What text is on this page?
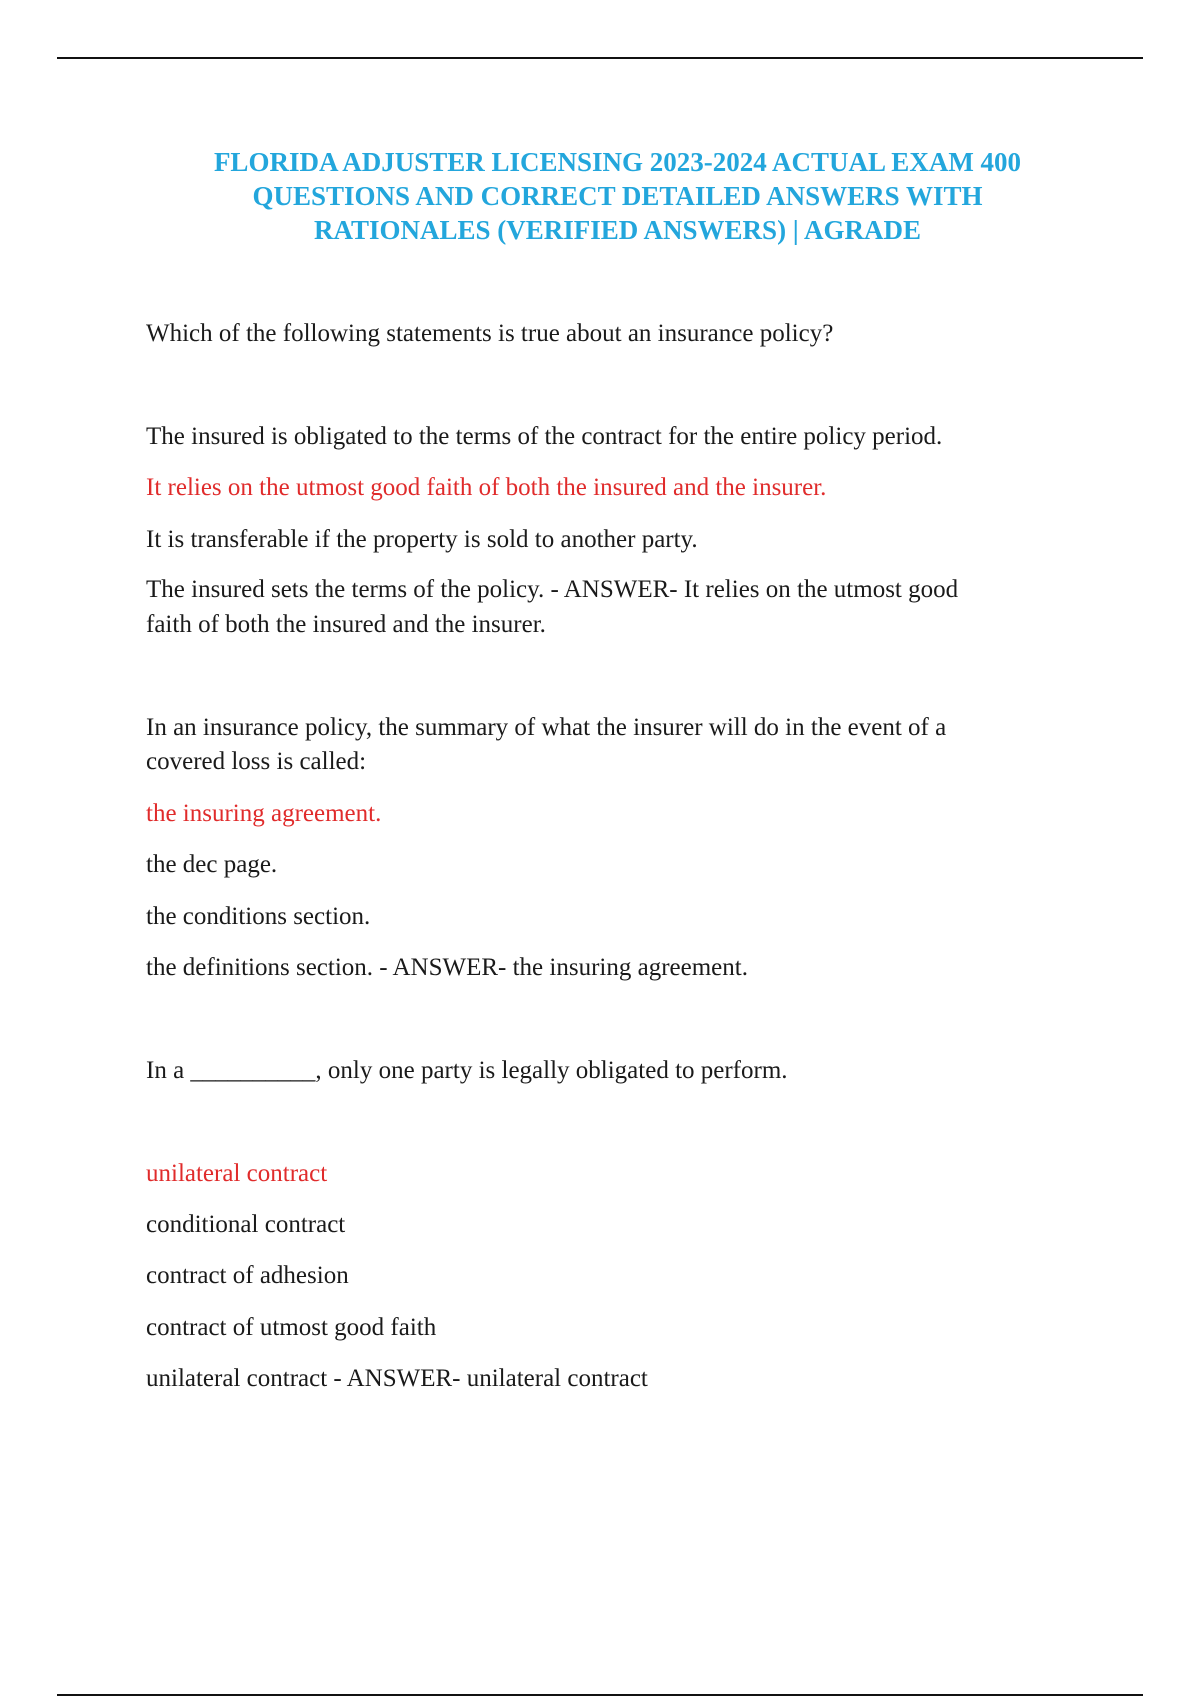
FLORIDA ADJUSTER LICENSING 2023-2024 ACTUAL EXAM 400
QUESTIONS AND CORRECT DETAILED ANSWERS WITH
RATIONALES (VERIFIED ANSWERS) | AGRADE
Which of the following statements is true about an insurance policy?
The insured is obligated to the terms of the contract for the entire policy period.
It relies on the utmost good faith of both the insured and the insurer.
It is transferable if the property is sold to another party.
The insured sets the terms of the policy. - ANSWER- It relies on the utmost good
faith of both the insured and the insurer.
In an insurance policy, the summary of what the insurer will do in the event of a
covered loss is called:
the insuring agreement.
the dec page.
the conditions section.
the definitions section. - ANSWER- the insuring agreement.
In a __________, only one party is legally obligated to perform.
unilateral contract
conditional contract
contract of adhesion
contract of utmost good faith
unilateral contract - ANSWER- unilateral contract
